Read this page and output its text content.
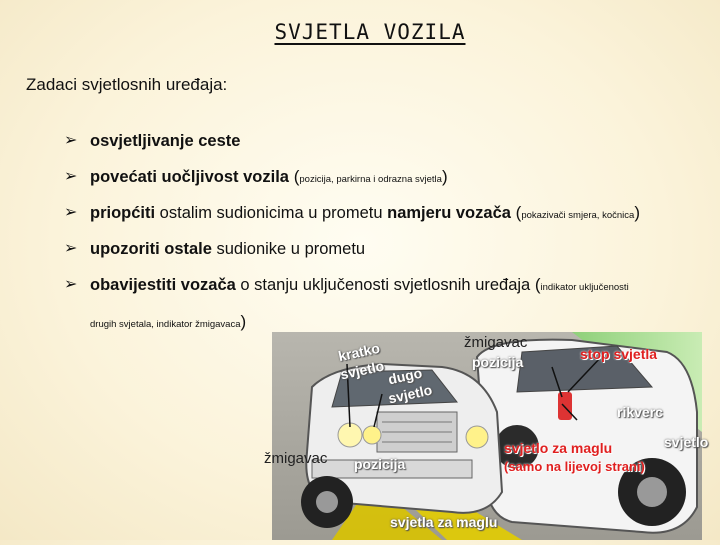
SVJETLA VOZILA
Zadaci svjetlosnih uređaja:
➢ osvjetljivanje ceste
➢ povećati uočljivost vozila (pozicija, parkirna i odrazna svjetla)
➢ priopćiti ostalim sudionicima u prometu namjeru vozača (pokazivači smjera, kočnica)
➢ upozoriti ostale sudionike u prometu
➢ obavijestiti vozača o stanju uključenosti svjetlosnih uređaja (indikator uključenosti
drugih svjetala, indikator žmigavaca)
kratko
svjetlo dugo
svjetlo
žmigavac
pozicija	stop svjetla
rikverc
svjetlo
svjetlo za maglu
(samo na lijevoj strani)
žmigavac pozicija
svjetla za maglu
